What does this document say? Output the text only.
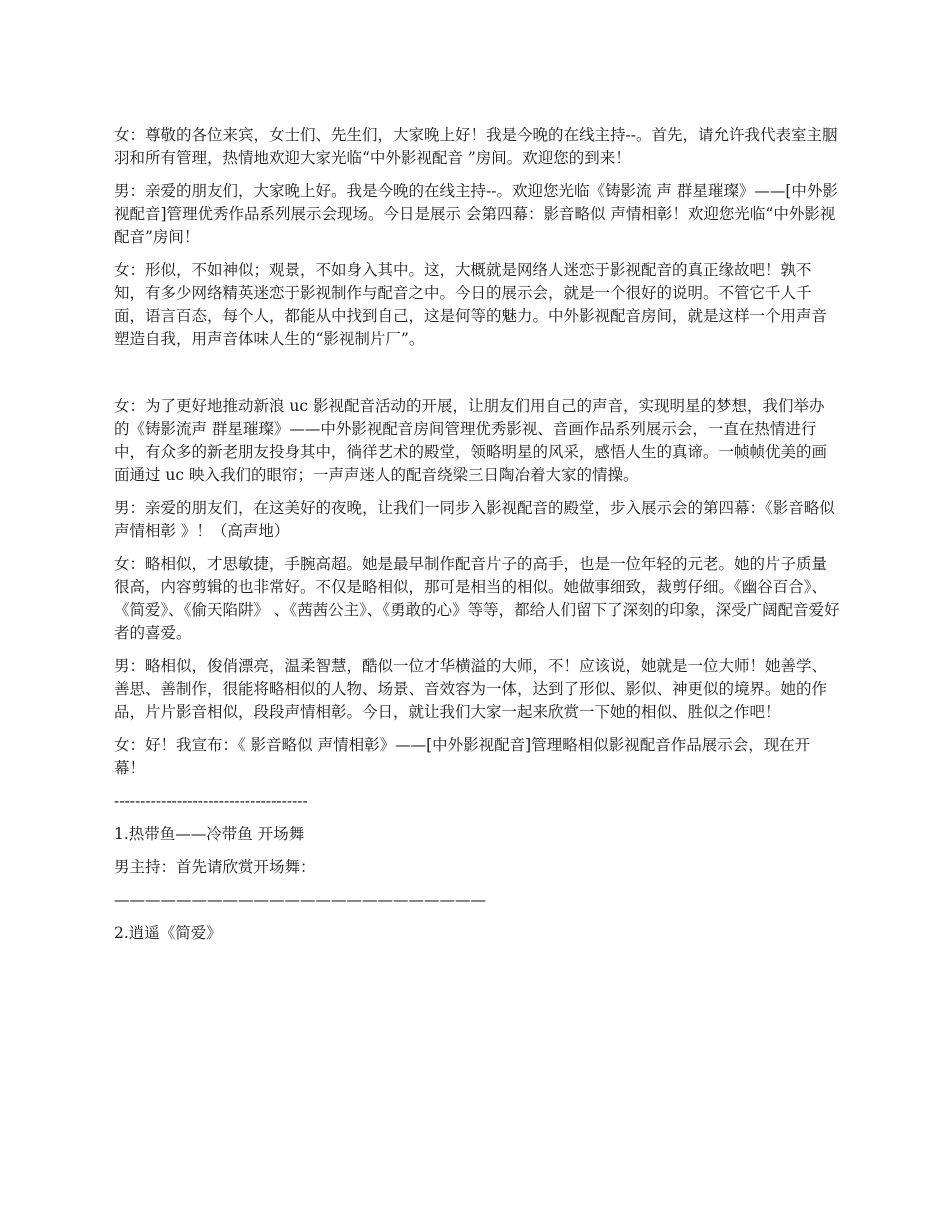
女：尊敬的各位来宾，女士们、先生们，大家晚上好！我是今晚的在线主持--。首先，请允许我代表室主胭羽和所有管理，热情地欢迎大家光临“中外影视配音 ”房间。欢迎您的到来！

男：亲爱的朋友们，大家晚上好。我是今晚的在线主持--。欢迎您光临《铸影流 声 群星璀璨》——[中外影视配音]管理优秀作品系列展示会现场。今日是展示 会第四幕：影音略似 声情相彰！欢迎您光临“中外影视配音”房间！

女：形似，不如神似；观景，不如身入其中。这，大概就是网络人迷恋于影视配音的真正缘故吧！孰不知，有多少网络精英迷恋于影视制作与配音之中。今日的展示会，就是一个很好的说明。不管它千人千面，语言百态，每个人，都能从中找到自己，这是何等的魅力。中外影视配音房间，就是这样一个用声音塑造自我，用声音体味人生的“影视制片厂”。

女：为了更好地推动新浪 uc 影视配音活动的开展，让朋友们用自己的声音，实现明星的梦想，我们举办的《铸影流声 群星璀璨》——中外影视配音房间管理优秀影视、音画作品系列展示会，一直在热情进行中，有众多的新老朋友投身其中，徜徉艺术的殿堂，领略明星的风采，感悟人生的真谛。一帧帧优美的画面通过 uc 映入我们的眼帘；一声声迷人的配音绕梁三日陶冶着大家的情操。

男：亲爱的朋友们，在这美好的夜晚，让我们一同步入影视配音的殿堂，步入展示会的第四幕：《影音略似 声情相彰 》！（高声地）

女：略相似，才思敏捷，手腕高超。她是最早制作配音片子的高手，也是一位年轻的元老。她的片子质量很高，内容剪辑的也非常好。不仅是略相似，那可是相当的相似。她做事细致，裁剪仔细。《幽谷百合》、《简爱》、《偷天陷阱》 、《茜茜公主》、《勇敢的心》等等，都给人们留下了深刻的印象，深受广阔配音爱好者的喜爱。

男：略相似，俊俏漂亮，温柔智慧，酷似一位才华横溢的大师，不！应该说，她就是一位大师！她善学、善思、善制作，很能将略相似的人物、场景、音效容为一体，达到了形似、影似、神更似的境界。她的作品，片片影音相似，段段声情相彰。今日，就让我们大家一起来欣赏一下她的相似、胜似之作吧！

女：好！我宣布：《 影音略似 声情相彰》——[中外影视配音]管理略相似影视配音作品展示会，现在开幕！

-------------------------------------

1.热带鱼——冷带鱼 开场舞

男主持：首先请欣赏开场舞：

————————————————————————

2.逍遥《简爱》
